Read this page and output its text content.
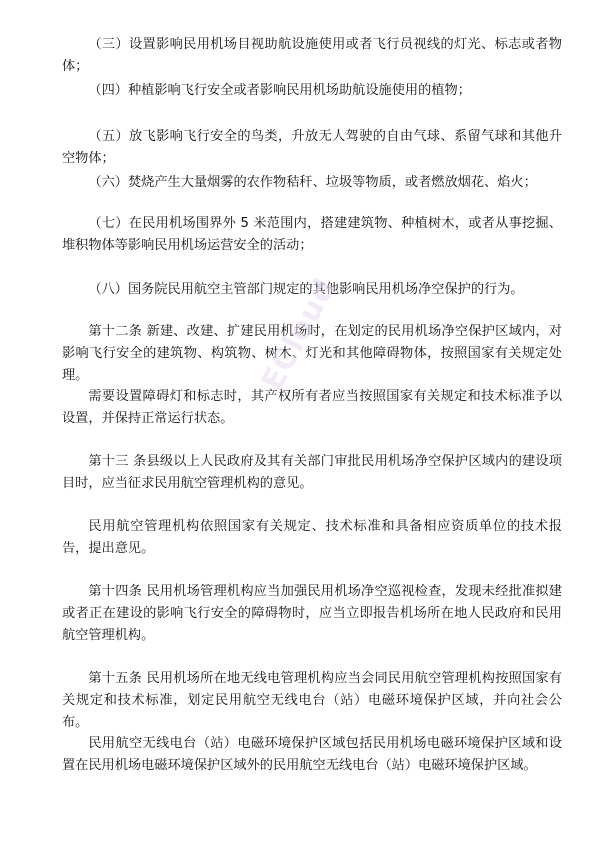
（三）设置影响民用机场目视助航设施使用或者飞行员视线的灯光、标志或者物体；

（四）种植影响飞行安全或者影响民用机场助航设施使用的植物；

（五）放飞影响飞行安全的鸟类，升放无人驾驶的自由气球、系留气球和其他升空物体；

（六）焚烧产生大量烟雾的农作物秸秆、垃圾等物质，或者燃放烟花、焰火；

（七）在民用机场围界外 5 米范围内，搭建建筑物、种植树木，或者从事挖掘、堆积物体等影响民用机场运营安全的活动；

（八）国务院民用航空主管部门规定的其他影响民用机场净空保护的行为。

第十二条 新建、改建、扩建民用机场时，在划定的民用机场净空保护区域内，对影响飞行安全的建筑物、构筑物、树木、灯光和其他障碍物体，按照国家有关规定处理。

需要设置障碍灯和标志时，其产权所有者应当按照国家有关规定和技术标准予以设置，并保持正常运行状态。

第十三 条县级以上人民政府及其有关部门审批民用机场净空保护区域内的建设项目时，应当征求民用航空管理机构的意见。

民用航空管理机构依照国家有关规定、技术标准和具备相应资质单位的技术报告，提出意见。

第十四条 民用机场管理机构应当加强民用机场净空巡视检查，发现未经批准拟建或者正在建设的影响飞行安全的障碍物时，应当立即报告机场所在地人民政府和民用航空管理机构。

第十五条 民用机场所在地无线电管理机构应当会同民用航空管理机构按照国家有关规定和技术标准，划定民用航空无线电台（站）电磁环境保护区域，并向社会公布。

民用航空无线电台（站）电磁环境保护区域包括民用机场电磁环境保护区域和设置在民用机场电磁环境保护区域外的民用航空无线电台（站）电磁环境保护区域。

ECloud
